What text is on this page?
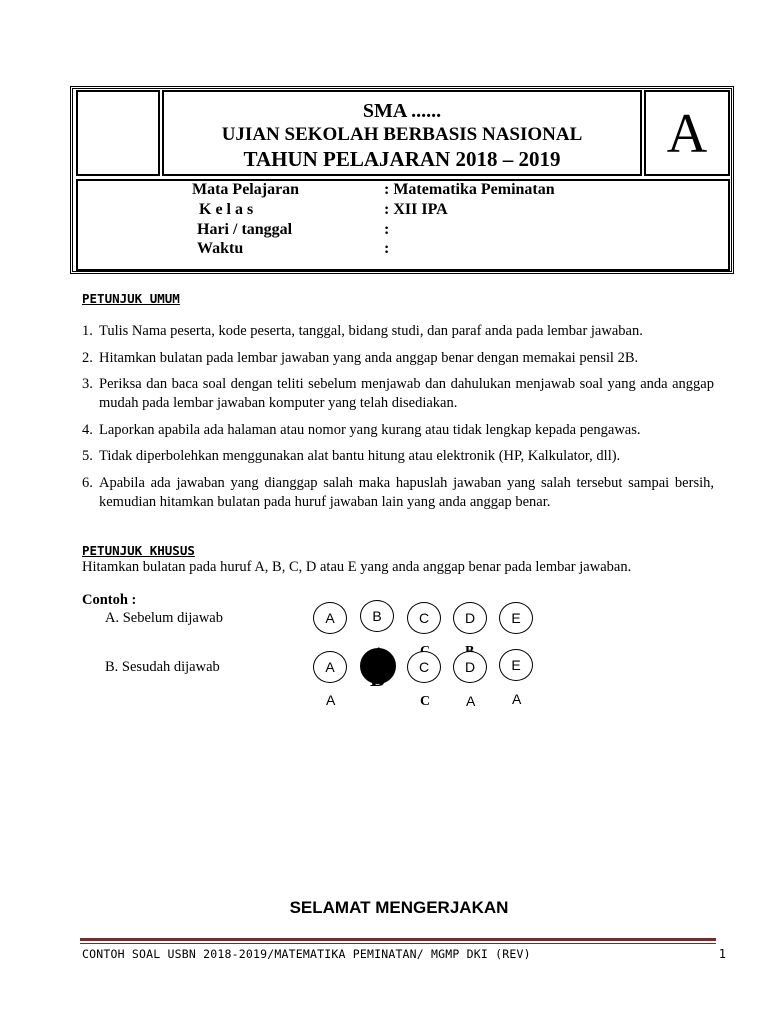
SMA ......
UJIAN SEKOLAH BERBASIS NASIONAL
TAHUN PELAJARAN 2018 – 2019	A
Mata Pelajaran	: Matematika Peminatan
K e l a s	: XII IPA
Hari / tanggal	:
Waktu	:
PETUNJUK UMUM
1. Tulis Nama peserta, kode peserta, tanggal, bidang studi, dan paraf anda pada lembar jawaban.
2. Hitamkan bulatan pada lembar jawaban yang anda anggap benar dengan memakai pensil 2B.
3. Periksa dan baca soal dengan teliti sebelum menjawab dan dahulukan menjawab soal yang anda anggap mudah pada lembar jawaban komputer yang telah disediakan.
4. Laporkan apabila ada halaman atau nomor yang kurang atau tidak lengkap kepada pengawas.
5. Tidak diperbolehkan menggunakan alat bantu hitung atau elektronik (HP, Kalkulator, dll).
6. Apabila ada jawaban yang dianggap salah maka hapuslah jawaban yang salah tersebut sampai bersih, kemudian hitamkan bulatan pada huruf jawaban lain yang anda anggap benar.
PETUNJUK KHUSUS
Hitamkan bulatan pada huruf A, B, C, D atau E yang anda anggap benar pada lembar jawaban.
Contoh :
A. Sebelum dijawab
B. Sesudah dijawab
A	B	C	D	E
A	B	C	D	E
A	C	A	A
SELAMAT MENGERJAKAN
CONTOH SOAL USBN 2018-2019/MATEMATIKA PEMINATAN/ MGMP DKI (REV)	1
